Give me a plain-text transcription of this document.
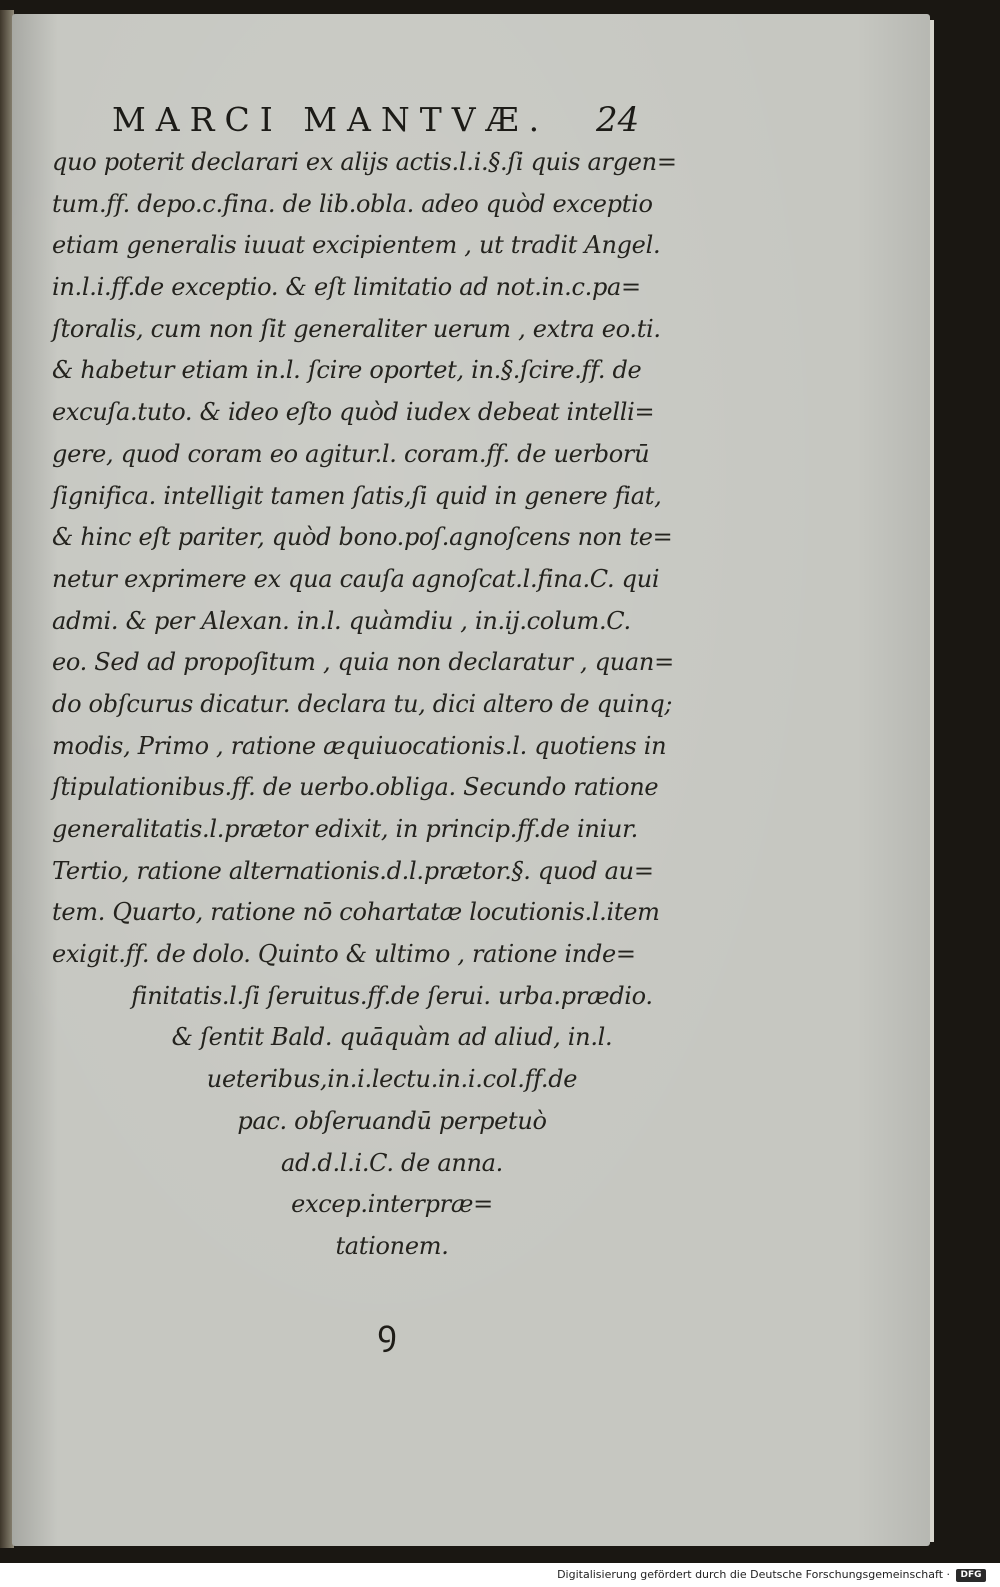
MARCI MANTVÆ. 24
quo poterit declarari ex alijs actis.l.i.§.ſi quis argen=
tum.ff. depo.c.fina. de lib.obla. adeo quòd exceptio
etiam generalis iuuat excipientem , ut tradit Angel.
in.l.i.ff.de exceptio. & eſt limitatio ad not.in.c.pa=
ſtoralis, cum non ſit generaliter uerum , extra eo.ti.
& habetur etiam in.l. ſcire oportet, in.§.ſcire.ff. de
excuſa.tuto. & ideo eſto quòd iudex debeat intelli=
gere, quod coram eo agitur.l. coram.ff. de uerborū
ſignifica. intelligit tamen ſatis,ſi quid in genere fiat,
& hinc eſt pariter, quòd bono.poſ.agnoſcens non te=
netur exprimere ex qua cauſa agnoſcat.l.fina.C. qui
admi. & per Alexan. in.l. quàmdiu , in.ij.colum.C.
eo. Sed ad propoſitum , quia non declaratur , quan=
do obſcurus dicatur. declara tu, dici altero de quinq;
modis, Primo , ratione æquiuocationis.l. quotiens in
ſtipulationibus.ff. de uerbo.obliga. Secundo ratione
generalitatis.l.prætor edixit, in princip.ff.de iniur.
Tertio, ratione alternationis.d.l.prætor.§. quod au=
tem. Quarto, ratione nō cohartatæ locutionis.l.item
exigit.ff. de dolo. Quinto & ultimo , ratione inde=
finitatis.l.ſi ſeruitus.ff.de ſerui. urba.prædio.
& ſentit Bald. quāquàm ad aliud, in.l.
ueteribus,in.i.lectu.in.i.col.ff.de
pac. obſeruandū perpetuò
ad.d.l.i.C. de anna.
excep.interpræ=
tationem.
ꝯ
Digitalisierung gefördert durch die Deutsche Forschungsgemeinschaft ·	DFG
